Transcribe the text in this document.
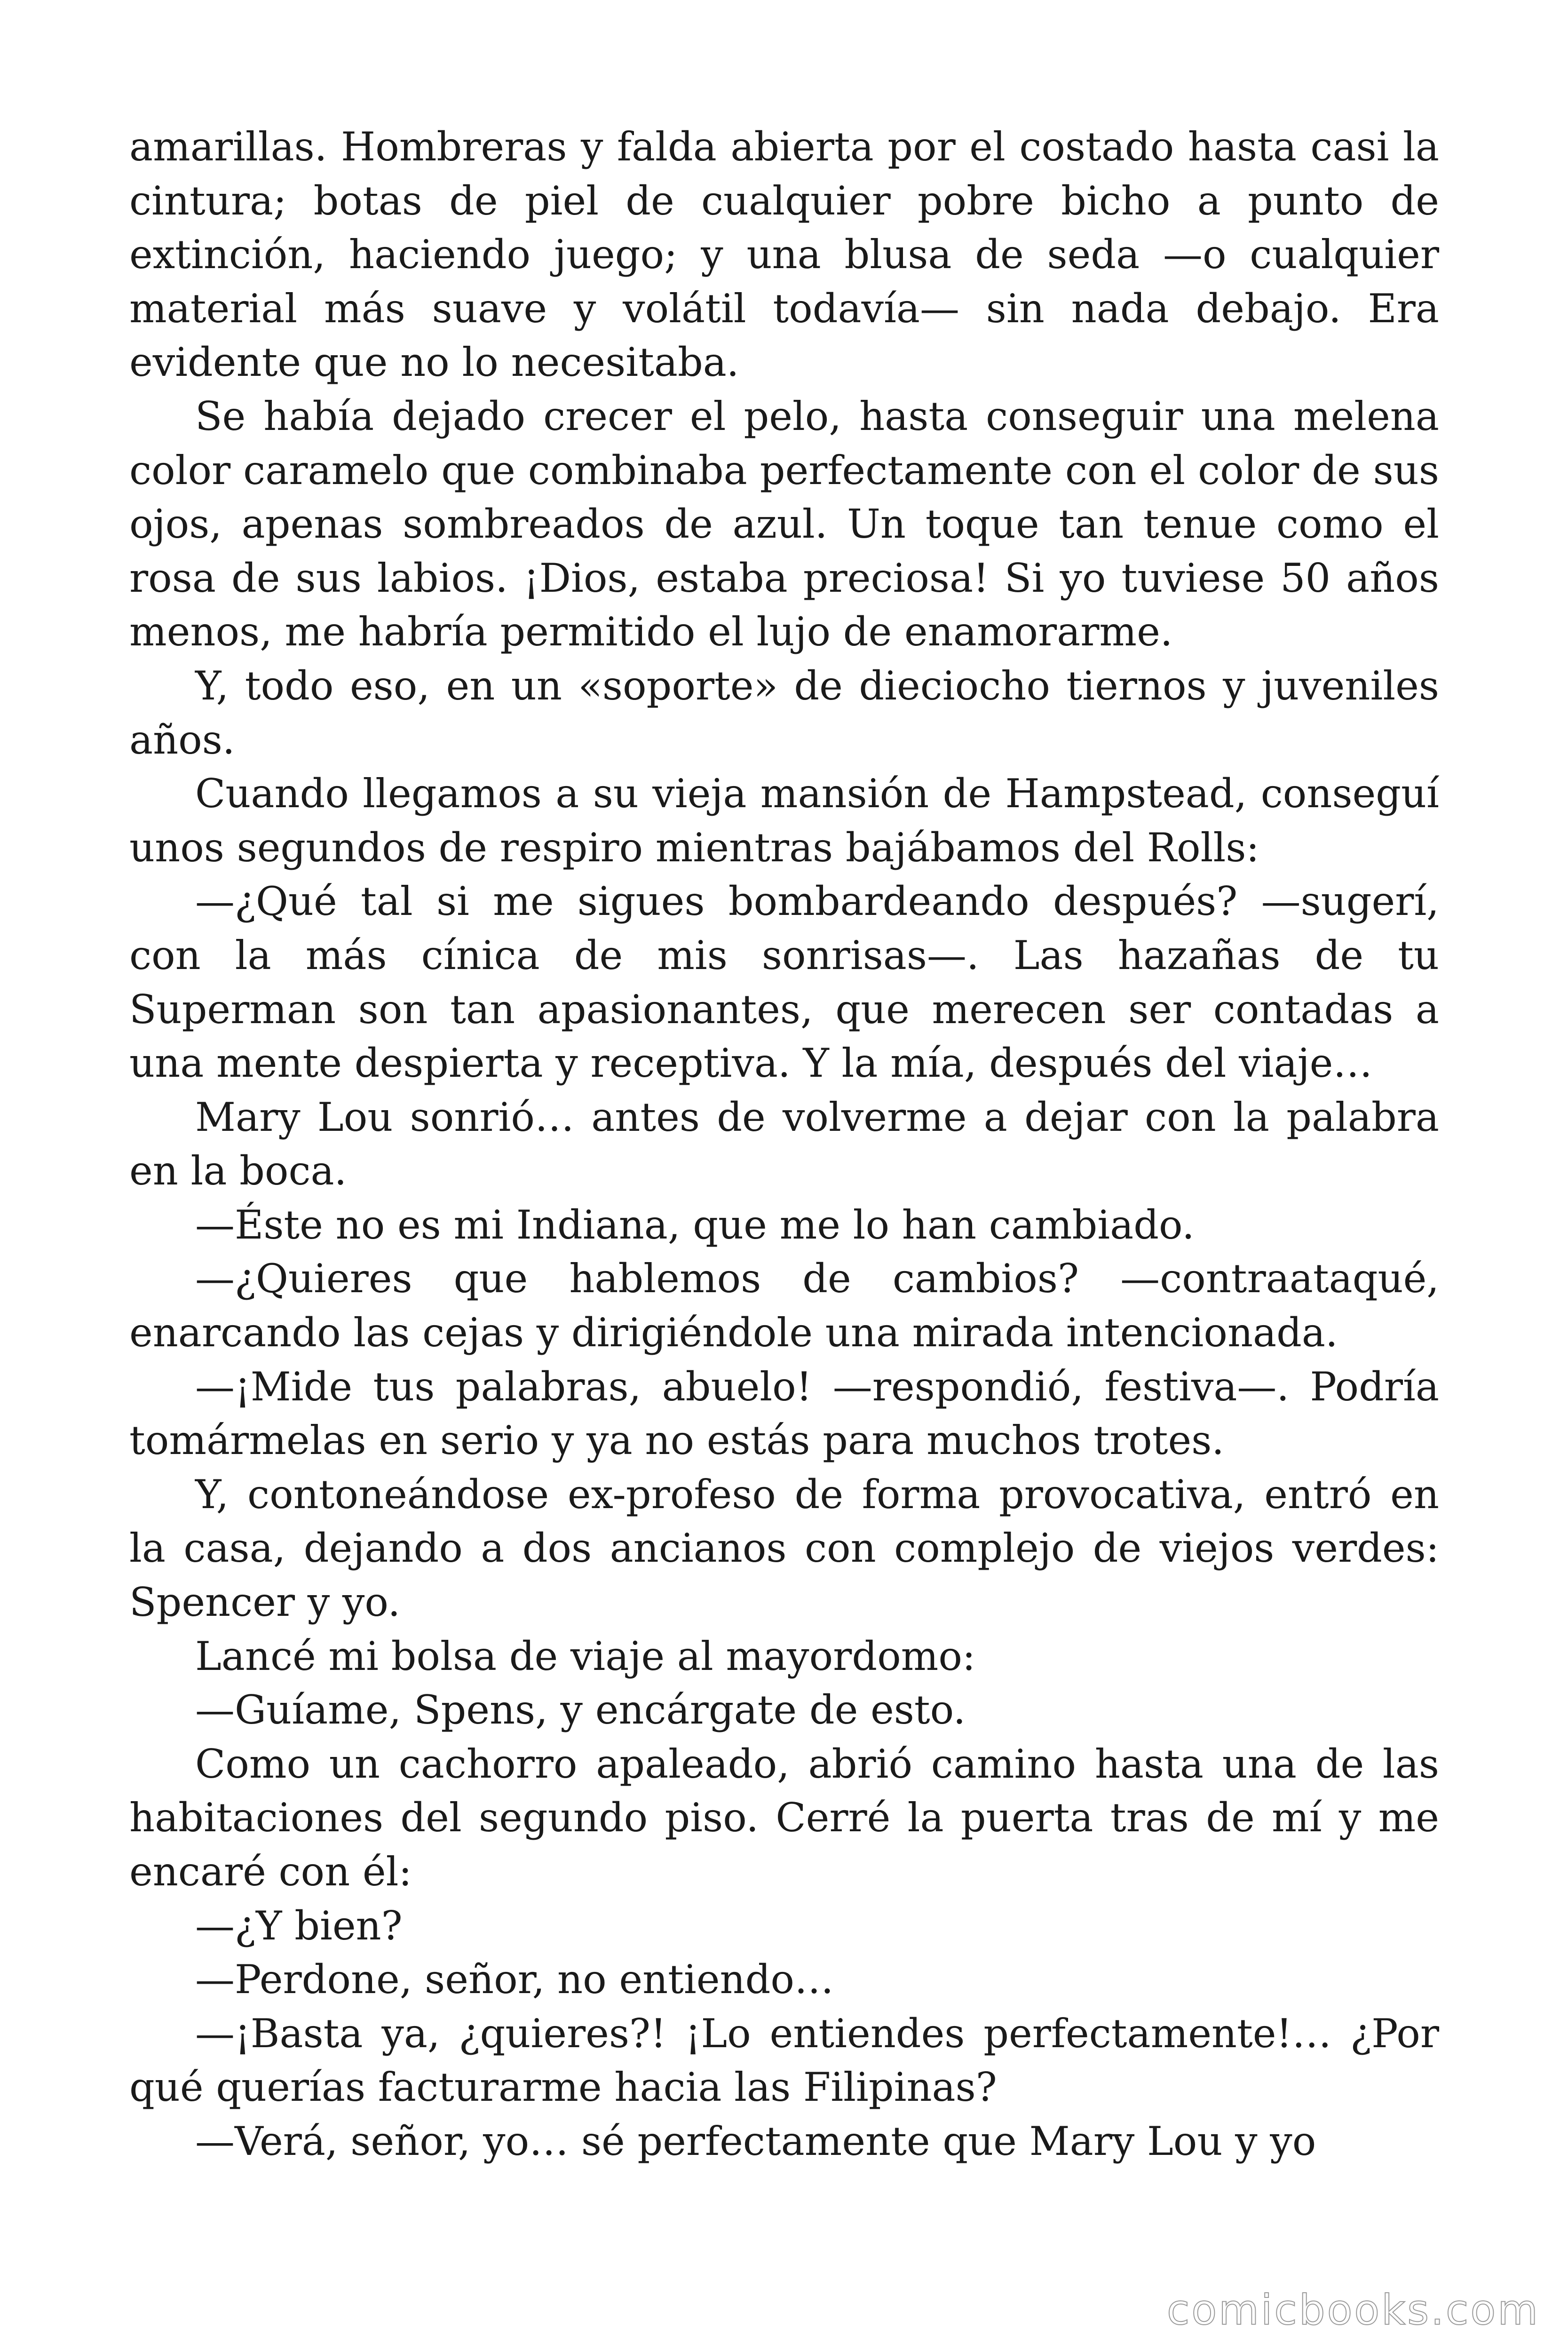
amarillas. Hombreras y falda abierta por el costado hasta casi la cintura; botas de piel de cualquier pobre bicho a punto de extinción, haciendo juego; y una blusa de seda —o cualquier material más suave y volátil todavía— sin nada debajo. Era evidente que no lo necesitaba.

Se había dejado crecer el pelo, hasta conseguir una melena color caramelo que combinaba perfectamente con el color de sus ojos, apenas sombreados de azul. Un toque tan tenue como el rosa de sus labios. ¡Dios, estaba preciosa! Si yo tuviese 50 años menos, me habría permitido el lujo de enamorarme.

Y, todo eso, en un «soporte» de dieciocho tiernos y juveniles años.

Cuando llegamos a su vieja mansión de Hampstead, conseguí unos segundos de respiro mientras bajábamos del Rolls:

—¿Qué tal si me sigues bombardeando después? —sugerí, con la más cínica de mis sonrisas—. Las hazañas de tu Superman son tan apasionantes, que merecen ser contadas a una mente despierta y receptiva. Y la mía, después del viaje…

Mary Lou sonrió… antes de volverme a dejar con la palabra en la boca.

—Éste no es mi Indiana, que me lo han cambiado.

—¿Quieres que hablemos de cambios? —contraataqué, enarcando las cejas y dirigiéndole una mirada intencionada.

—¡Mide tus palabras, abuelo! —respondió, festiva—. Podría tomármelas en serio y ya no estás para muchos trotes.

Y, contoneándose ex-profeso de forma provocativa, entró en la casa, dejando a dos ancianos con complejo de viejos verdes: Spencer y yo.

Lancé mi bolsa de viaje al mayordomo:

—Guíame, Spens, y encárgate de esto.

Como un cachorro apaleado, abrió camino hasta una de las habitaciones del segundo piso. Cerré la puerta tras de mí y me encaré con él:

—¿Y bien?

—Perdone, señor, no entiendo…

—¡Basta ya, ¿quieres?! ¡Lo entiendes perfectamente!… ¿Por qué querías facturarme hacia las Filipinas?

—Verá, señor, yo… sé perfectamente que Mary Lou y yo

comicbooks.com
